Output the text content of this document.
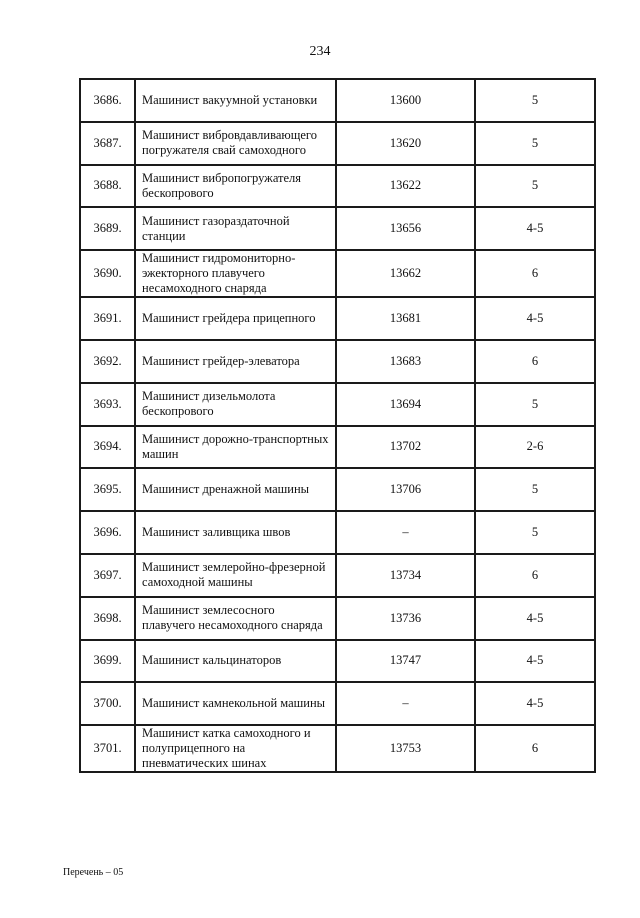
234
3686.	Машинист вакуумной установки	13600	5
3687.	Машинист вибровдавливающего погружателя свай самоходного	13620	5
3688.	Машинист вибропогружателя бескопрового	13622	5
3689.	Машинист газораздаточной станции	13656	4-5
3690.	Машинист гидромониторно-эжекторного плавучего несамоходного снаряда	13662	6
3691.	Машинист грейдера прицепного	13681	4-5
3692.	Машинист грейдер-элеватора	13683	6
3693.	Машинист дизельмолота бескопрового	13694	5
3694.	Машинист дорожно-транспортных машин	13702	2-6
3695.	Машинист дренажной машины	13706	5
3696.	Машинист заливщика швов	–	5
3697.	Машинист землеройно-фрезерной самоходной машины	13734	6
3698.	Машинист землесосного плавучего несамоходного снаряда	13736	4-5
3699.	Машинист кальцинаторов	13747	4-5
3700.	Машинист камнекольной машины	–	4-5
3701.	Машинист катка самоходного и полуприцепного на пневматических шинах	13753	6
Перечень – 05
